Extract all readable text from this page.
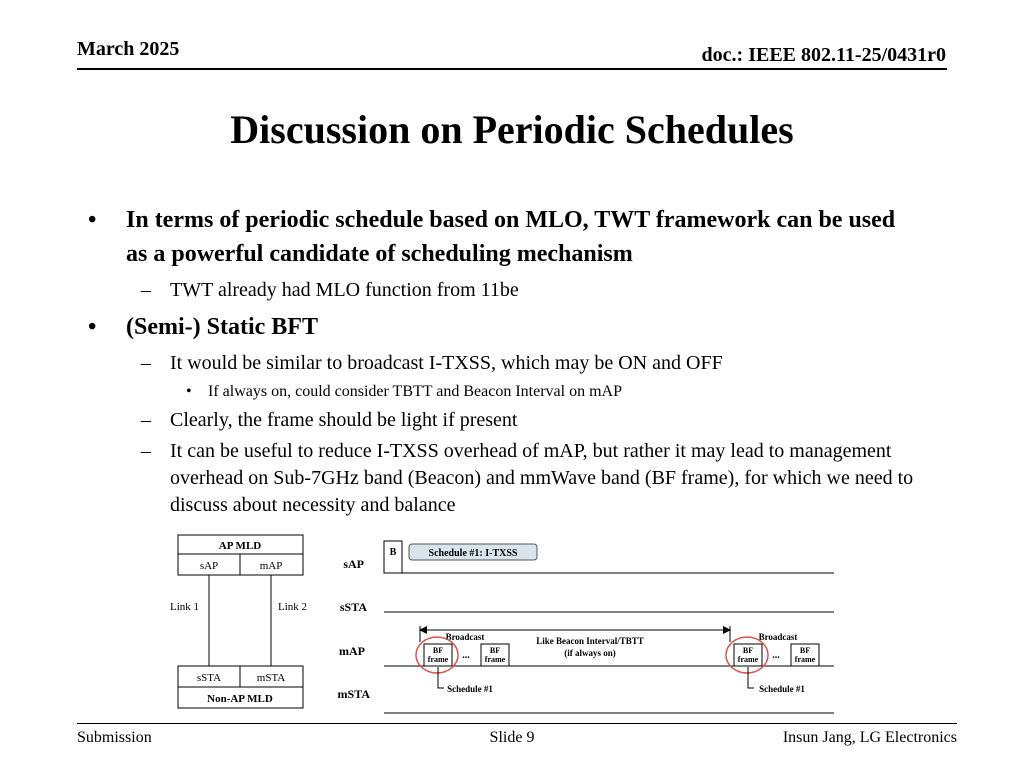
March 2025	doc.: IEEE 802.11-25/0431r0
Discussion on Periodic Schedules
• In terms of periodic schedule based on MLO, TWT framework can be used as a powerful candidate of scheduling mechanism
– TWT already had MLO function from 11be
• (Semi-) Static BFT
– It would be similar to broadcast I-TXSS, which may be ON and OFF
• If always on, could consider TBTT and Beacon Interval on mAP
– Clearly, the frame should be light if present
– It can be useful to reduce I-TXSS overhead of mAP, but rather it may lead to management overhead on Sub-7GHz band (Beacon) and mmWave band (BF frame), for which we need to discuss about necessity and balance
AP MLD
sAP	mAP
Link 1	Link 2
sSTA	mSTA
Non-AP MLD
sAP
sSTA
mAP
mSTA
B	Schedule #1: I-TXSS
Broadcast	Broadcast
Like Beacon Interval/TBTT
(if always on)
BF
frame ...	BF
frame
Schedule #1
BF
frame ...	BF
frame
Schedule #1
Submission	Slide 9	Insun Jang, LG Electronics
